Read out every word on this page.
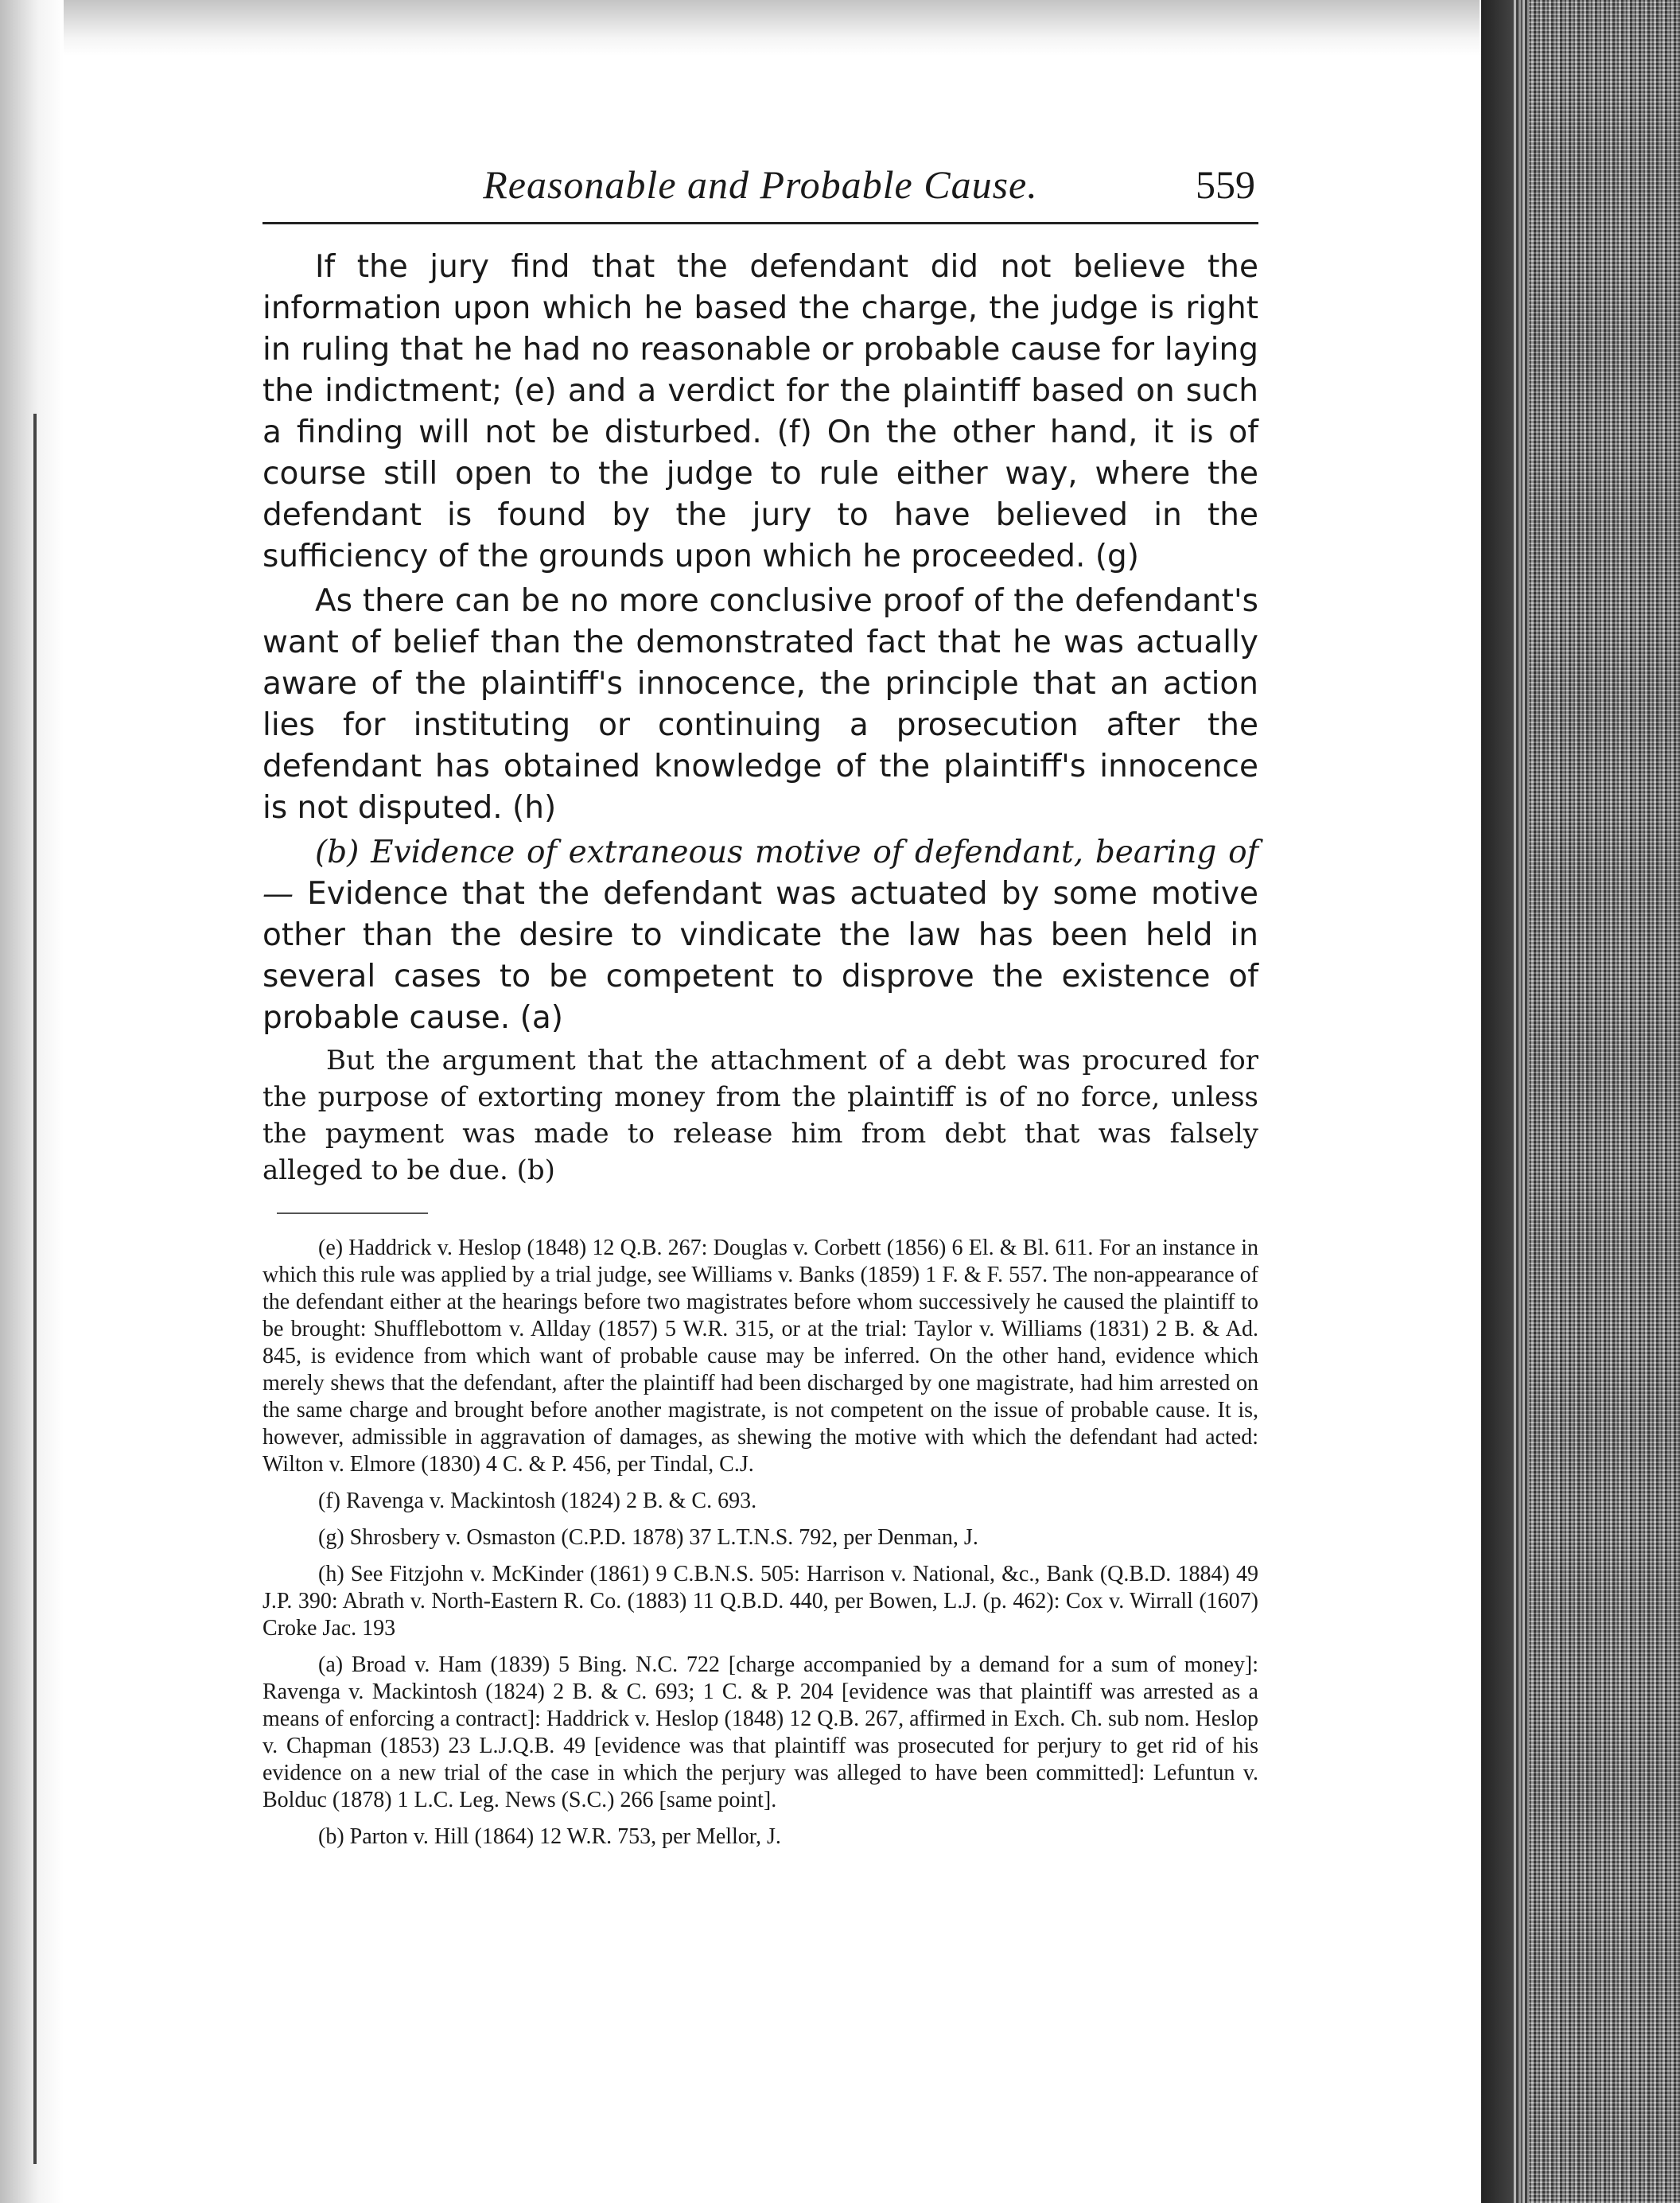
Reasonable and Probable Cause.	559

If the jury find that the defendant did not believe the information upon which he based the charge, the judge is right in ruling that he had no reasonable or probable cause for laying the indictment; (e) and a verdict for the plaintiff based on such a finding will not be disturbed. (f) On the other hand, it is of course still open to the judge to rule either way, where the defendant is found by the jury to have believed in the sufficiency of the grounds upon which he proceeded. (g)

As there can be no more conclusive proof of the defendant's want of belief than the demonstrated fact that he was actually aware of the plaintiff's innocence, the principle that an action lies for instituting or continuing a prosecution after the defendant has obtained knowledge of the plaintiff's innocence is not disputed. (h)

(b) Evidence of extraneous motive of defendant, bearing of— Evidence that the defendant was actuated by some motive other than the desire to vindicate the law has been held in several cases to be competent to disprove the existence of probable cause. (a)

But the argument that the attachment of a debt was procured for the purpose of extorting money from the plaintiff is of no force, unless the payment was made to release him from debt that was falsely alleged to be due. (b)

(e) Haddrick v. Heslop (1848) 12 Q.B. 267: Douglas v. Corbett (1856) 6 El. & Bl. 611. For an instance in which this rule was applied by a trial judge, see Williams v. Banks (1859) 1 F. & F. 557. The non-appearance of the defendant either at the hearings before two magistrates before whom successively he caused the plaintiff to be brought: Shufflebottom v. Allday (1857) 5 W.R. 315, or at the trial: Taylor v. Williams (1831) 2 B. & Ad. 845, is evidence from which want of probable cause may be inferred. On the other hand, evidence which merely shews that the defendant, after the plaintiff had been discharged by one magistrate, had him arrested on the same charge and brought before another magistrate, is not competent on the issue of probable cause. It is, however, admissible in aggravation of damages, as shewing the motive with which the defendant had acted: Wilton v. Elmore (1830) 4 C. & P. 456, per Tindal, C.J.

(f) Ravenga v. Mackintosh (1824) 2 B. & C. 693.

(g) Shrosbery v. Osmaston (C.P.D. 1878) 37 L.T.N.S. 792, per Denman, J.

(h) See Fitzjohn v. McKinder (1861) 9 C.B.N.S. 505: Harrison v. National, &c., Bank (Q.B.D. 1884) 49 J.P. 390: Abrath v. North-Eastern R. Co. (1883) 11 Q.B.D. 440, per Bowen, L.J. (p. 462): Cox v. Wirrall (1607) Croke Jac. 193

(a) Broad v. Ham (1839) 5 Bing. N.C. 722 [charge accompanied by a demand for a sum of money]: Ravenga v. Mackintosh (1824) 2 B. & C. 693; 1 C. & P. 204 [evidence was that plaintiff was arrested as a means of enforcing a contract]: Haddrick v. Heslop (1848) 12 Q.B. 267, affirmed in Exch. Ch. sub nom. Heslop v. Chapman (1853) 23 L.J.Q.B. 49 [evidence was that plaintiff was prosecuted for perjury to get rid of his evidence on a new trial of the case in which the perjury was alleged to have been committed]: Lefuntun v. Bolduc (1878) 1 L.C. Leg. News (S.C.) 266 [same point].

(b) Parton v. Hill (1864) 12 W.R. 753, per Mellor, J.
